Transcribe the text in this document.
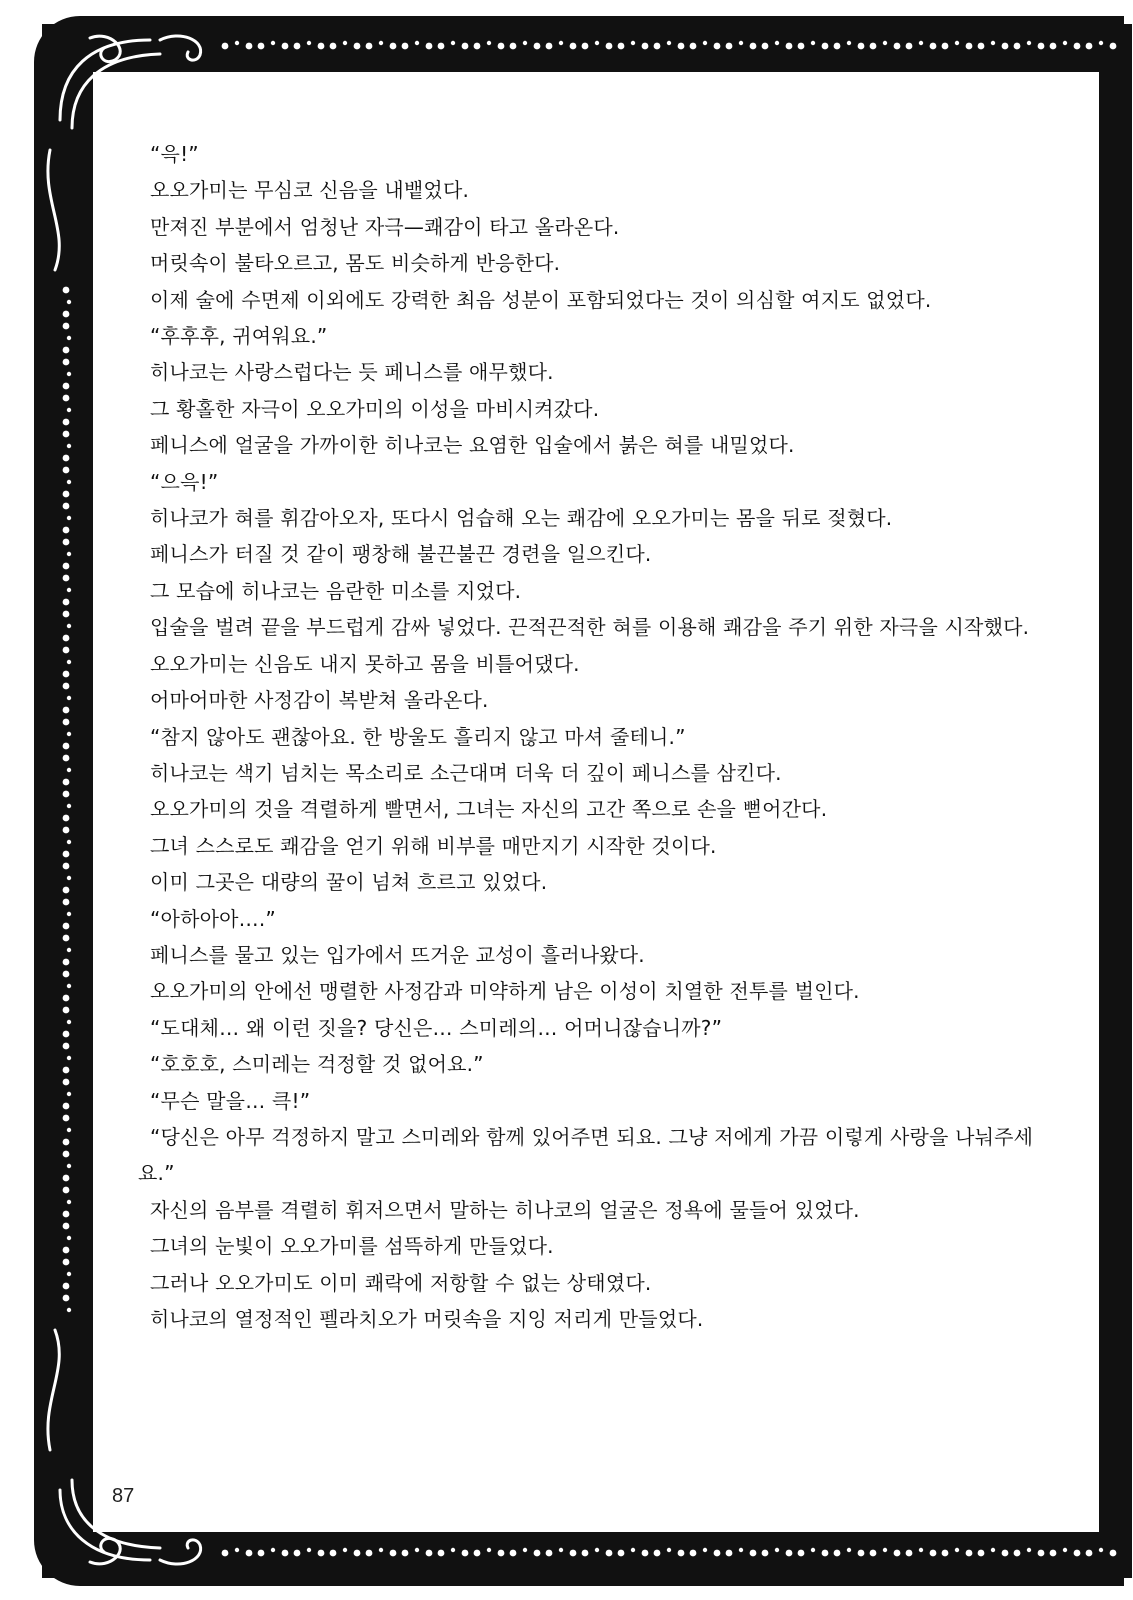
“윽!”

오오가미는 무심코 신음을 내뱉었다.

만져진 부분에서 엄청난 자극—쾌감이 타고 올라온다.

머릿속이 불타오르고, 몸도 비슷하게 반응한다.

이제 술에 수면제 이외에도 강력한 최음 성분이 포함되었다는 것이 의심할 여지도 없었다.

“후후후, 귀여워요.”

히나코는 사랑스럽다는 듯 페니스를 애무했다.

그 황홀한 자극이 오오가미의 이성을 마비시켜갔다.

페니스에 얼굴을 가까이한 히나코는 요염한 입술에서 붉은 혀를 내밀었다.

“으윽!”

히나코가 혀를 휘감아오자, 또다시 엄습해 오는 쾌감에 오오가미는 몸을 뒤로 젖혔다.

페니스가 터질 것 같이 팽창해 불끈불끈 경련을 일으킨다.

그 모습에 히나코는 음란한 미소를 지었다.

입술을 벌려 끝을 부드럽게 감싸 넣었다. 끈적끈적한 혀를 이용해 쾌감을 주기 위한 자극을 시작했다.

오오가미는 신음도 내지 못하고 몸을 비틀어댔다.

어마어마한 사정감이 복받쳐 올라온다.

“참지 않아도 괜찮아요. 한 방울도 흘리지 않고 마셔 줄테니.”

히나코는 색기 넘치는 목소리로 소근대며 더욱 더 깊이 페니스를 삼킨다.

오오가미의 것을 격렬하게 빨면서, 그녀는 자신의 고간 쪽으로 손을 뻗어간다.

그녀 스스로도 쾌감을 얻기 위해 비부를 매만지기 시작한 것이다.

이미 그곳은 대량의 꿀이 넘쳐 흐르고 있었다.

“아하아아….”

페니스를 물고 있는 입가에서 뜨거운 교성이 흘러나왔다.

오오가미의 안에선 맹렬한 사정감과 미약하게 남은 이성이 치열한 전투를 벌인다.

“도대체… 왜 이런 짓을? 당신은… 스미레의… 어머니잖습니까?”

“호호호, 스미레는 걱정할 것 없어요.”

“무슨 말을… 큭!”

“당신은 아무 걱정하지 말고 스미레와 함께 있어주면 되요. 그냥 저에게 가끔 이렇게 사랑을 나눠주세요.”

자신의 음부를 격렬히 휘저으면서 말하는 히나코의 얼굴은 정욕에 물들어 있었다.

그녀의 눈빛이 오오가미를 섬뜩하게 만들었다.

그러나 오오가미도 이미 쾌락에 저항할 수 없는 상태였다.

히나코의 열정적인 펠라치오가 머릿속을 지잉 저리게 만들었다.

87
